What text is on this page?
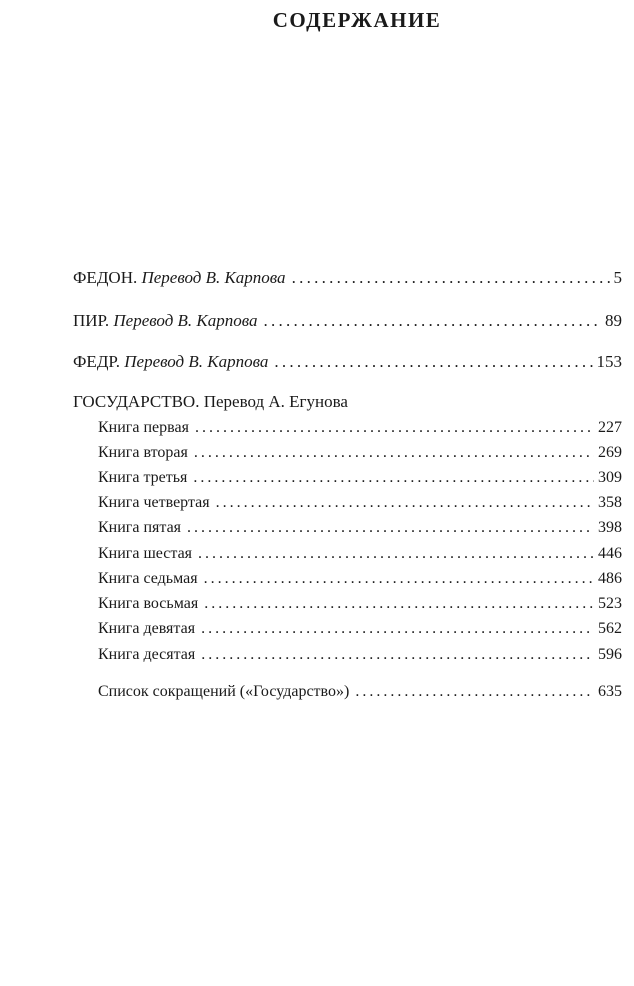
СОДЕРЖАНИЕ
ФЕДОН.
Перевод В. Карпова . . .	5
ПИР.
Перевод В. Карпова . . .	89
ФЕДР.
Перевод В. Карпова . . .	153
ГОСУДАРСТВО. Перевод А. Егунова
Книга первая . . .	227
Книга вторая . . .	269
Книга третья . . .	309
Книга четвертая . . .	358
Книга пятая . . .	398
Книга шестая . . .	446
Книга седьмая . . .	486
Книга восьмая . . .	523
Книга девятая . . .	562
Книга десятая . . .	596
Список сокращений («Государство») . . .	635
